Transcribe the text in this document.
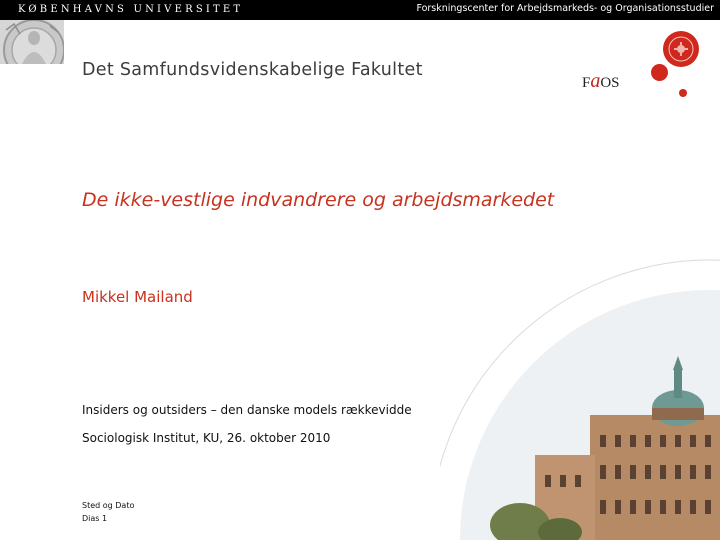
KØBENHAVNS UNIVERSITET	Forskningscenter for Arbejdsmarkeds- og Organisationsstudier
Det Samfundsvidenskabelige Fakultet
FaOS
De ikke-vestlige indvandrere og arbejdsmarkedet
Mikkel Mailand
Insiders og outsiders – den danske models rækkevidde
Sociologisk Institut, KU, 26. oktober 2010
Sted og Dato
Dias 1
